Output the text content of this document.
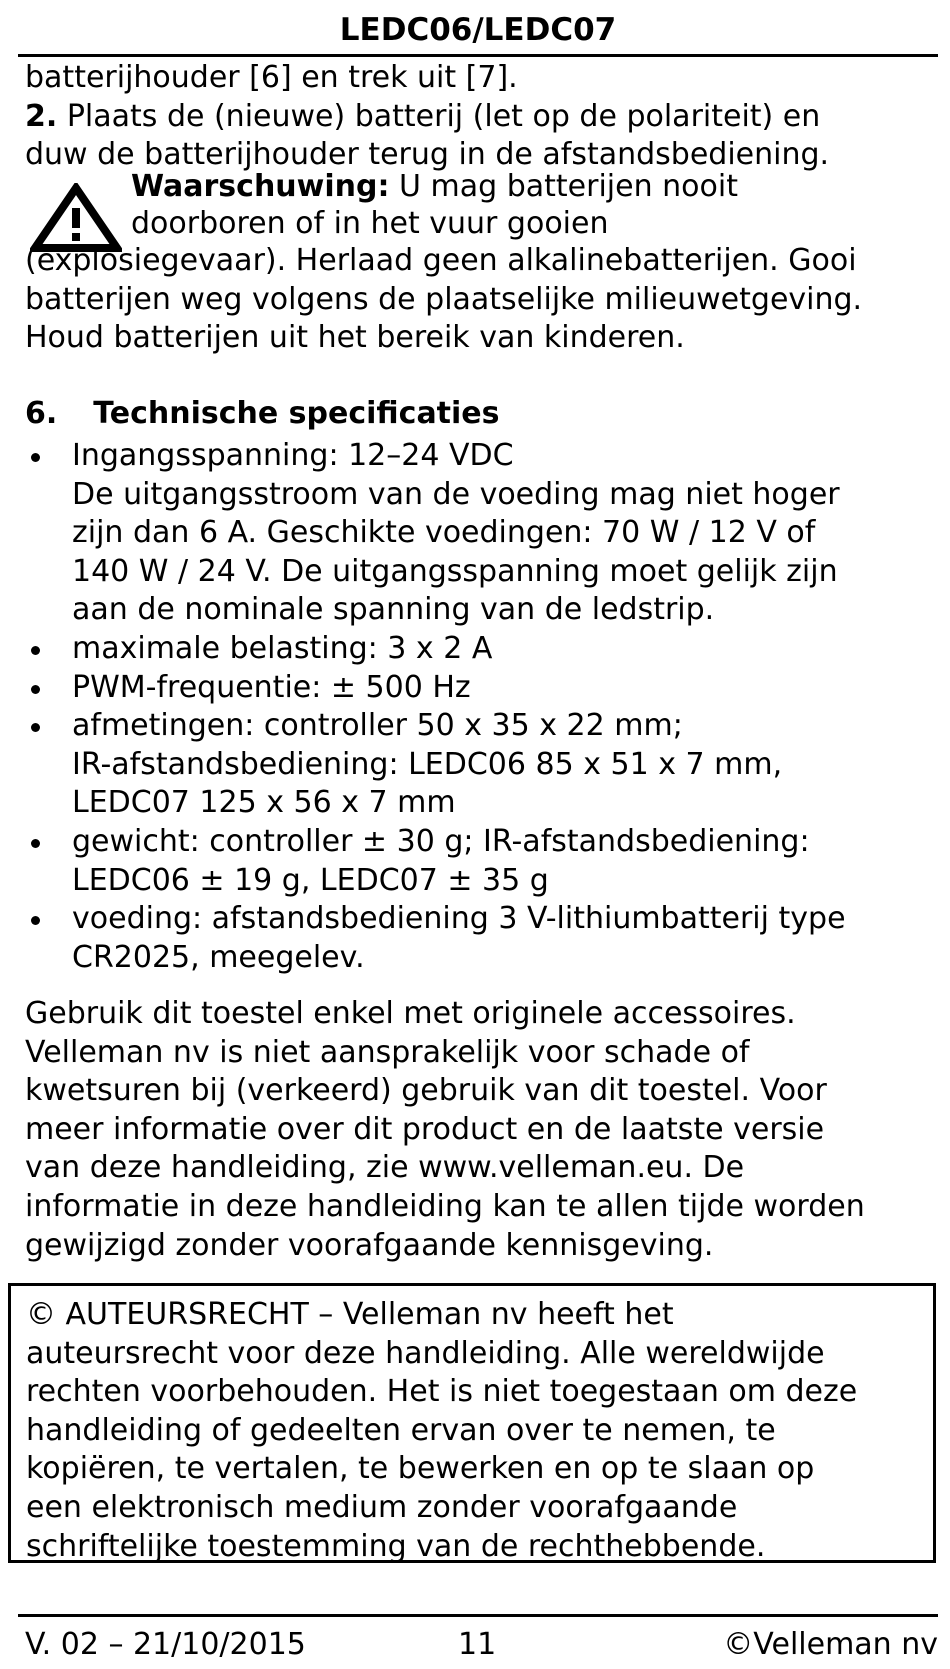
LEDC06/LEDC07
batterijhouder [6] en trek uit [7].
2. Plaats de (nieuwe) batterij (let op de polariteit) en
duw de batterijhouder terug in de afstandsbediening.
Waarschuwing: U mag batterijen nooit
doorboren of in het vuur gooien
(explosiegevaar). Herlaad geen alkalinebatterijen. Gooi
batterijen weg volgens de plaatselijke milieuwetgeving.
Houd batterijen uit het bereik van kinderen.
6. Technische specificaties
Ingangsspanning: 12–24 VDC
De uitgangsstroom van de voeding mag niet hoger
zijn dan 6 A. Geschikte voedingen: 70 W / 12 V of
140 W / 24 V. De uitgangsspanning moet gelijk zijn
aan de nominale spanning van de ledstrip.
maximale belasting: 3 x 2 A
PWM-frequentie: ± 500 Hz
afmetingen: controller 50 x 35 x 22 mm;
IR-afstandsbediening: LEDC06 85 x 51 x 7 mm,
LEDC07 125 x 56 x 7 mm
gewicht: controller ± 30 g; IR-afstandsbediening:
LEDC06 ± 19 g, LEDC07 ± 35 g
voeding: afstandsbediening 3 V-lithiumbatterij type
CR2025, meegelev.
Gebruik dit toestel enkel met originele accessoires.
Velleman nv is niet aansprakelijk voor schade of
kwetsuren bij (verkeerd) gebruik van dit toestel. Voor
meer informatie over dit product en de laatste versie
van deze handleiding, zie www.velleman.eu. De
informatie in deze handleiding kan te allen tijde worden
gewijzigd zonder voorafgaande kennisgeving.
© AUTEURSRECHT – Velleman nv heeft het
auteursrecht voor deze handleiding. Alle wereldwijde
rechten voorbehouden. Het is niet toegestaan om deze
handleiding of gedeelten ervan over te nemen, te
kopiëren, te vertalen, te bewerken en op te slaan op
een elektronisch medium zonder voorafgaande
schriftelijke toestemming van de rechthebbende.
V. 02 – 21/10/2015	11	©Velleman nv
